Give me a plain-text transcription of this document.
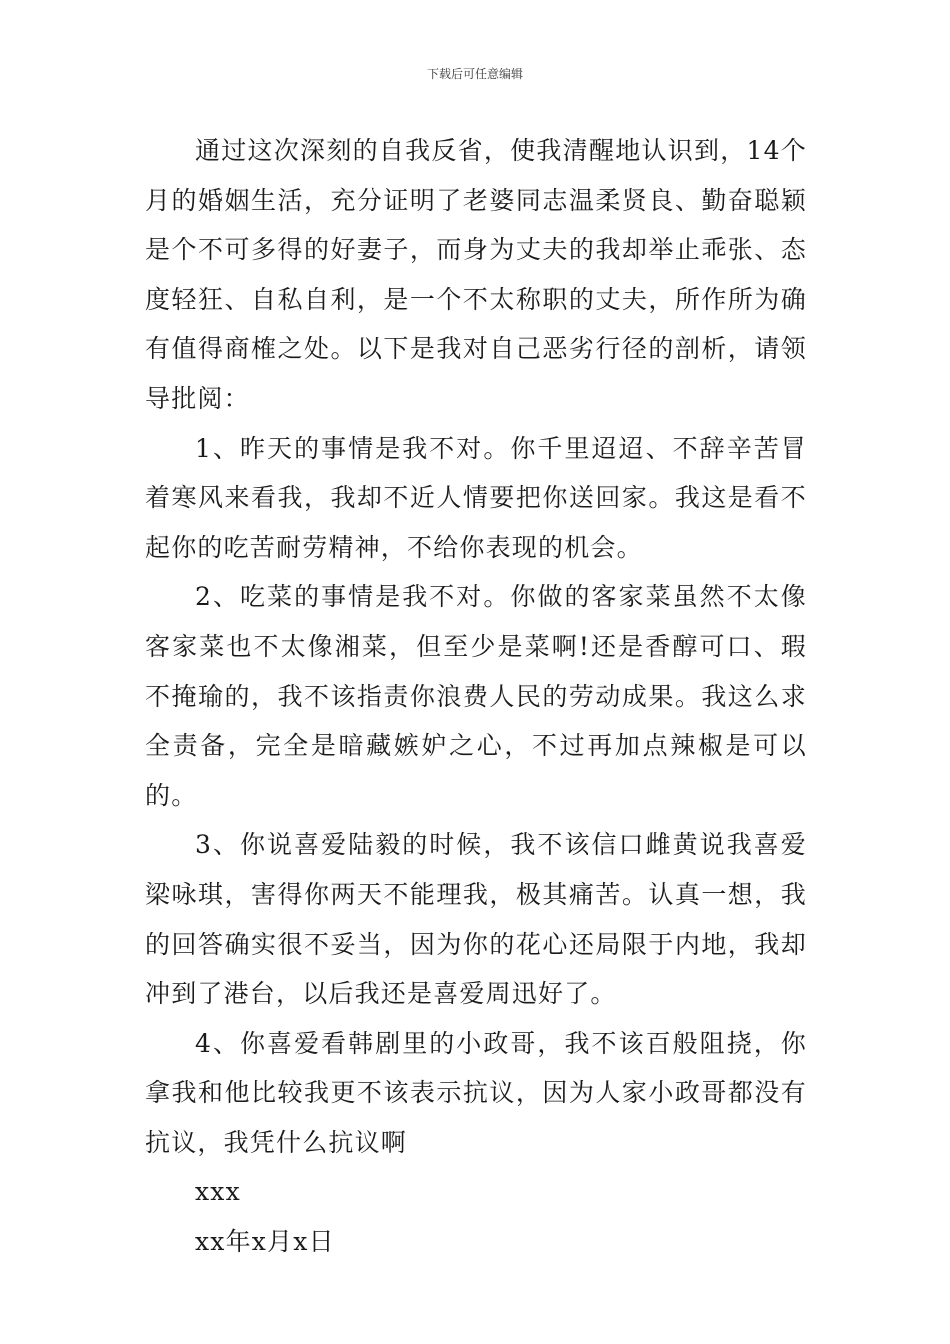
下载后可任意编辑

通过这次深刻的自我反省，使我清醒地认识到，14个月的婚姻生活，充分证明了老婆同志温柔贤良、勤奋聪颖是个不可多得的好妻子，而身为丈夫的我却举止乖张、态度轻狂、自私自利，是一个不太称职的丈夫，所作所为确有值得商榷之处。以下是我对自己恶劣行径的剖析，请领导批阅：

1、昨天的事情是我不对。你千里迢迢、不辞辛苦冒着寒风来看我，我却不近人情要把你送回家。我这是看不起你的吃苦耐劳精神，不给你表现的机会。

2、吃菜的事情是我不对。你做的客家菜虽然不太像客家菜也不太像湘菜，但至少是菜啊!还是香醇可口、瑕不掩瑜的，我不该指责你浪费人民的劳动成果。我这么求全责备，完全是暗藏嫉妒之心，不过再加点辣椒是可以的。

3、你说喜爱陆毅的时候，我不该信口雌黄说我喜爱梁咏琪，害得你两天不能理我，极其痛苦。认真一想，我的回答确实很不妥当，因为你的花心还局限于内地，我却冲到了港台，以后我还是喜爱周迅好了。

4、你喜爱看韩剧里的小政哥，我不该百般阻挠，你拿我和他比较我更不该表示抗议，因为人家小政哥都没有抗议，我凭什么抗议啊

xxx

xx年x月x日
